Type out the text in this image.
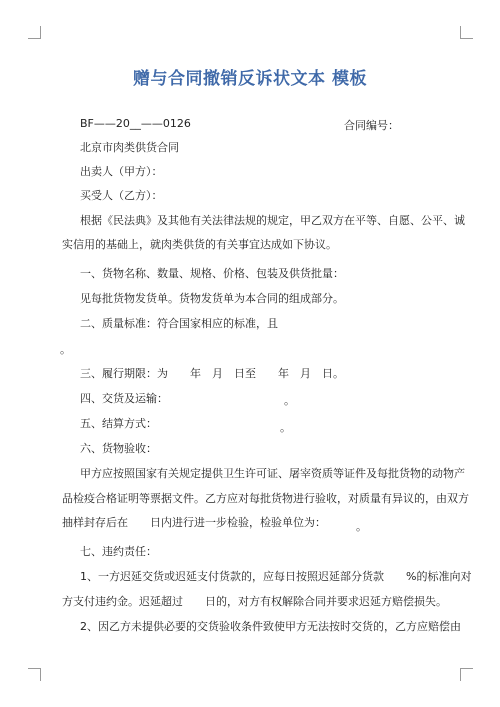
赠与合同撤销反诉状文本 模板
BF——20__——0126	合同编号：
北京市肉类供货合同
出卖人（甲方）：
买受人（乙方）：
根据《民法典》及其他有关法律法规的规定，甲乙双方在平等、自愿、公平、诚
实信用的基础上，就肉类供货的有关事宜达成如下协议。
一、货物名称、数量、规格、价格、包装及供货批量：
见每批货物发货单。货物发货单为本合同的组成部分。
二、质量标准：符合国家相应的标准，且
。
三、履行期限：为　　年　月　日至　　年　月　日。
四、交货及运输：	。
五、结算方式：	。
六、货物验收：
甲方应按照国家有关规定提供卫生许可证、屠宰资质等证件及每批货物的动物产
品检疫合格证明等票据文件。乙方应对每批货物进行验收，对质量有异议的，由双方
抽样封存后在　　日内进行进一步检验，检验单位为：	。
七、违约责任：
1、一方迟延交货或迟延支付货款的，应每日按照迟延部分货款　　%的标准向对
方支付违约金。迟延超过　　日的，对方有权解除合同并要求迟延方赔偿损失。
2、因乙方未提供必要的交货验收条件致使甲方无法按时交货的，乙方应赔偿由
